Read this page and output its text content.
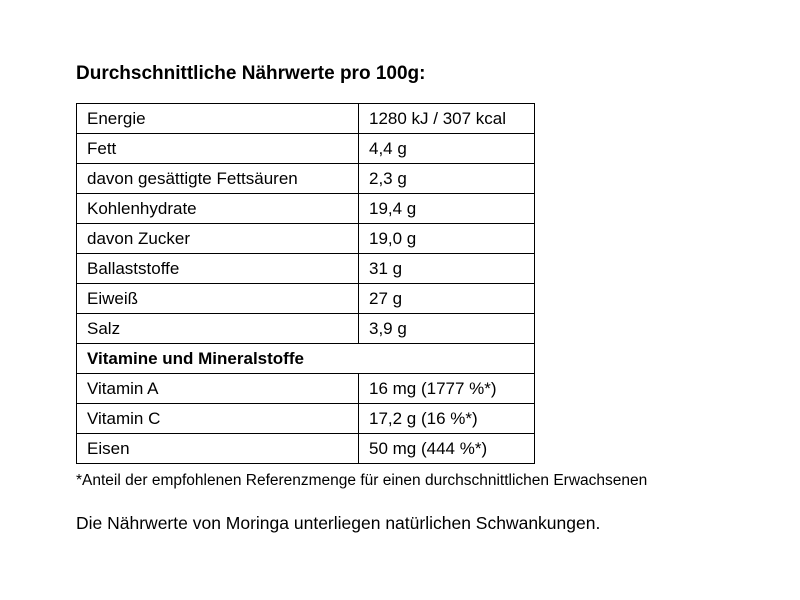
Durchschnittliche Nährwerte pro 100g:
Energie	1280 kJ / 307 kcal
Fett	4,4 g
davon gesättigte Fettsäuren	2,3 g
Kohlenhydrate	19,4 g
davon Zucker	19,0 g
Ballaststoffe	31 g
Eiweiß	27 g
Salz	3,9 g
Vitamine und Mineralstoffe	
Vitamin A	16 mg (1777 %*)
Vitamin C	17,2 g (16 %*)
Eisen	50 mg (444 %*)
*Anteil der empfohlenen Referenzmenge für einen durchschnittlichen Erwachsenen
Die Nährwerte von Moringa unterliegen natürlichen Schwankungen.
